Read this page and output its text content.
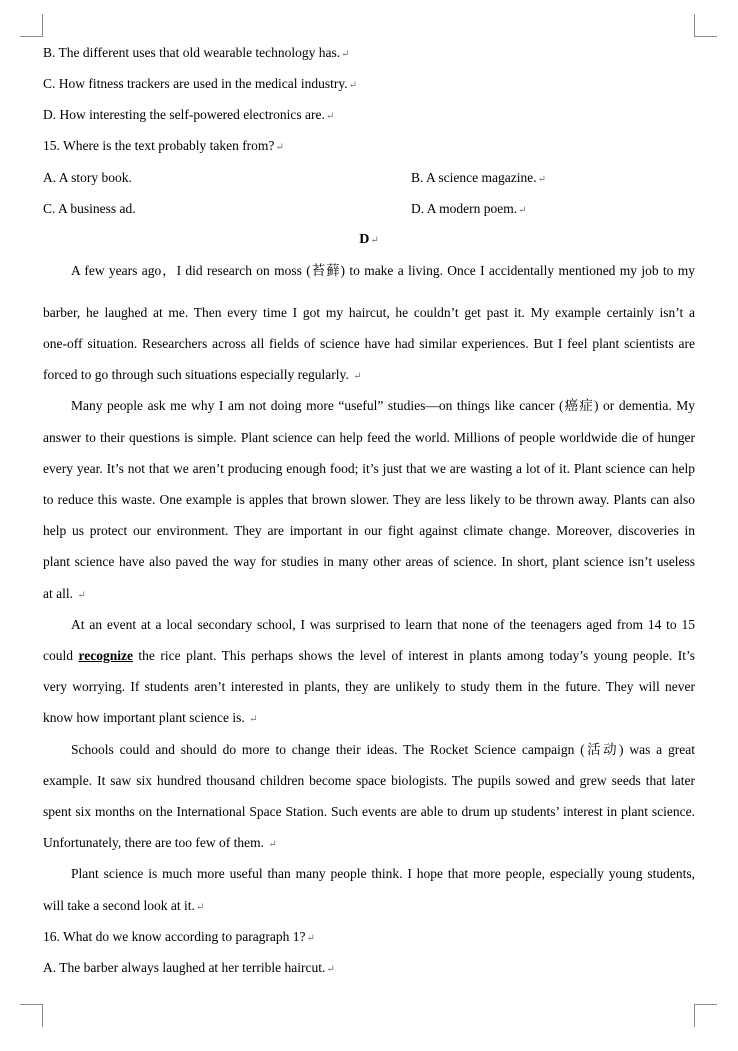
B. The different uses that old wearable technology has.↵
C. How fitness trackers are used in the medical industry.↵
D. How interesting the self-powered electronics are.↵
15. Where is the text probably taken from?↵
A. A story book.	B. A science magazine.↵
C. A business ad.	D. A modern poem.↵
D↵
A few years ago，I did research on moss (苔藓) to make a living. Once I accidentally mentioned my job to my
barber, he laughed at me. Then every time I got my haircut, he couldn’t get past it. My example certainly isn’t a
one-off situation. Researchers across all fields of science have had similar experiences. But I feel plant scientists are
forced to go through such situations especially regularly. ↵
Many people ask me why I am not doing more “useful” studies—on things like cancer (癌症) or dementia. My
answer to their questions is simple. Plant science can help feed the world. Millions of people worldwide die of hunger
every year. It’s not that we aren’t producing enough food; it’s just that we are wasting a lot of it. Plant science can help
to reduce this waste. One example is apples that brown slower. They are less likely to be thrown away. Plants can also
help us protect our environment. They are important in our fight against climate change. Moreover, discoveries in
plant science have also paved the way for studies in many other areas of science. In short, plant science isn’t useless
at all. ↵
At an event at a local secondary school, I was surprised to learn that none of the teenagers aged from 14 to 15
could recognize the rice plant. This perhaps shows the level of interest in plants among today’s young people. It’s
very worrying. If students aren’t interested in plants, they are unlikely to study them in the future. They will never
know how important plant science is. ↵
Schools could and should do more to change their ideas. The Rocket Science campaign (活动) was a great
example. It saw six hundred thousand children become space biologists. The pupils sowed and grew seeds that later
spent six months on the International Space Station. Such events are able to drum up students’ interest in plant science.
Unfortunately, there are too few of them. ↵
Plant science is much more useful than many people think. I hope that more people, especially young students,
will take a second look at it.↵
16. What do we know according to paragraph 1?↵
A. The barber always laughed at her terrible haircut.↵
